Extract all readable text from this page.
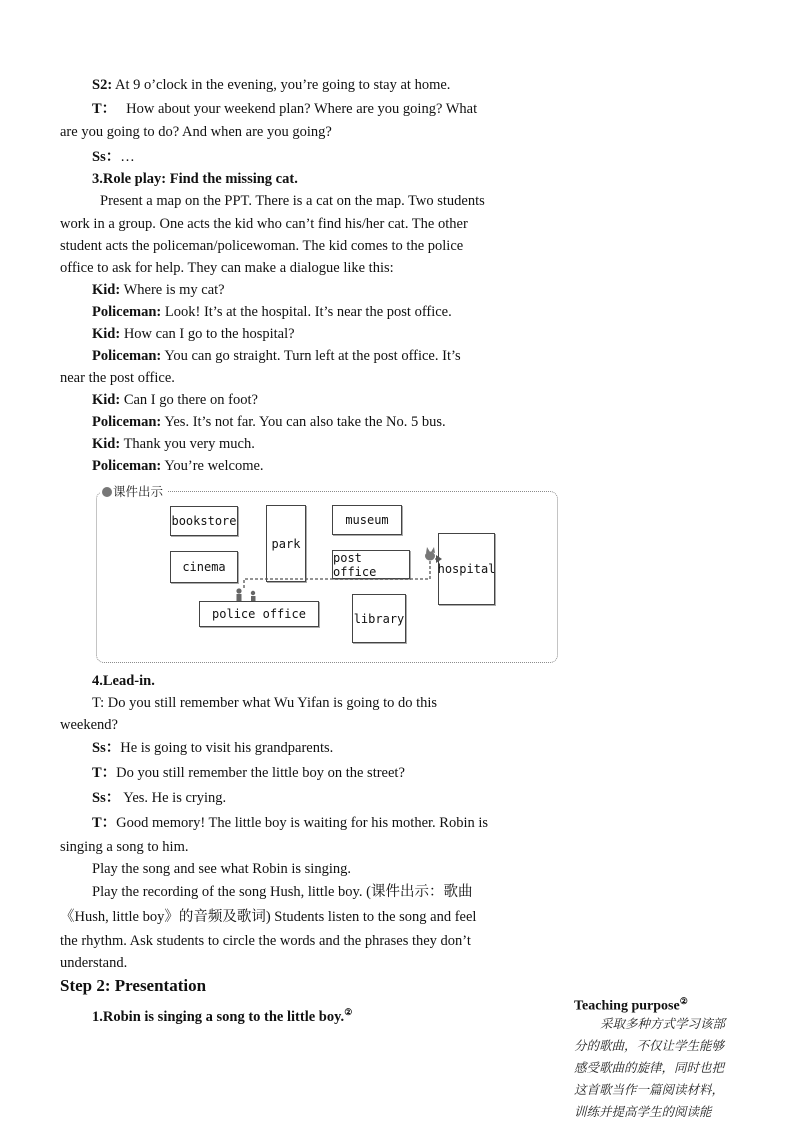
S2: At 9 o’clock in the evening, you’re going to stay at home.
T： How about your weekend plan? Where are you going? What
are you going to do? And when are you going?
Ss：…
3.Role play: Find the missing cat.
Present a map on the PPT. There is a cat on the map. Two students
work in a group. One acts the kid who can’t find his/her cat. The other
student acts the policeman/policewoman. The kid comes to the police
office to ask for help. They can make a dialogue like this:
Kid: Where is my cat?
Policeman: Look! It’s at the hospital. It’s near the post office.
Kid: How can I go to the hospital?
Policeman: You can go straight. Turn left at the post office. It’s
near the post office.
Kid: Can I go there on foot?
Policeman: Yes. It’s not far. You can also take the No. 5 bus.
Kid: Thank you very much.
Policeman: You’re welcome.
课件出示
bookstore
park
museum
cinema
post office	hospital
police office	library
4.Lead-in.
T: Do you still remember what Wu Yifan is going to do this
weekend?
Ss：He is going to visit his grandparents.
T：Do you still remember the little boy on the street?
Ss： Yes. He is crying.
T：Good memory! The little boy is waiting for his mother. Robin is
singing a song to him.
Play the song and see what Robin is singing.
Play the recording of the song Hush, little boy. (课件出示：歌曲
《Hush, little boy》的音频及歌词) Students listen to the song and feel
the rhythm. Ask students to circle the words and the phrases they don’t
understand.
Step 2: Presentation
1.Robin is singing a song to the little boy.②	Teaching purpose②
采取多种方式学习该部
分的歌曲，不仅让学生能够
感受歌曲的旋律，同时也把
这首歌当作一篇阅读材料，
训练并提高学生的阅读能
